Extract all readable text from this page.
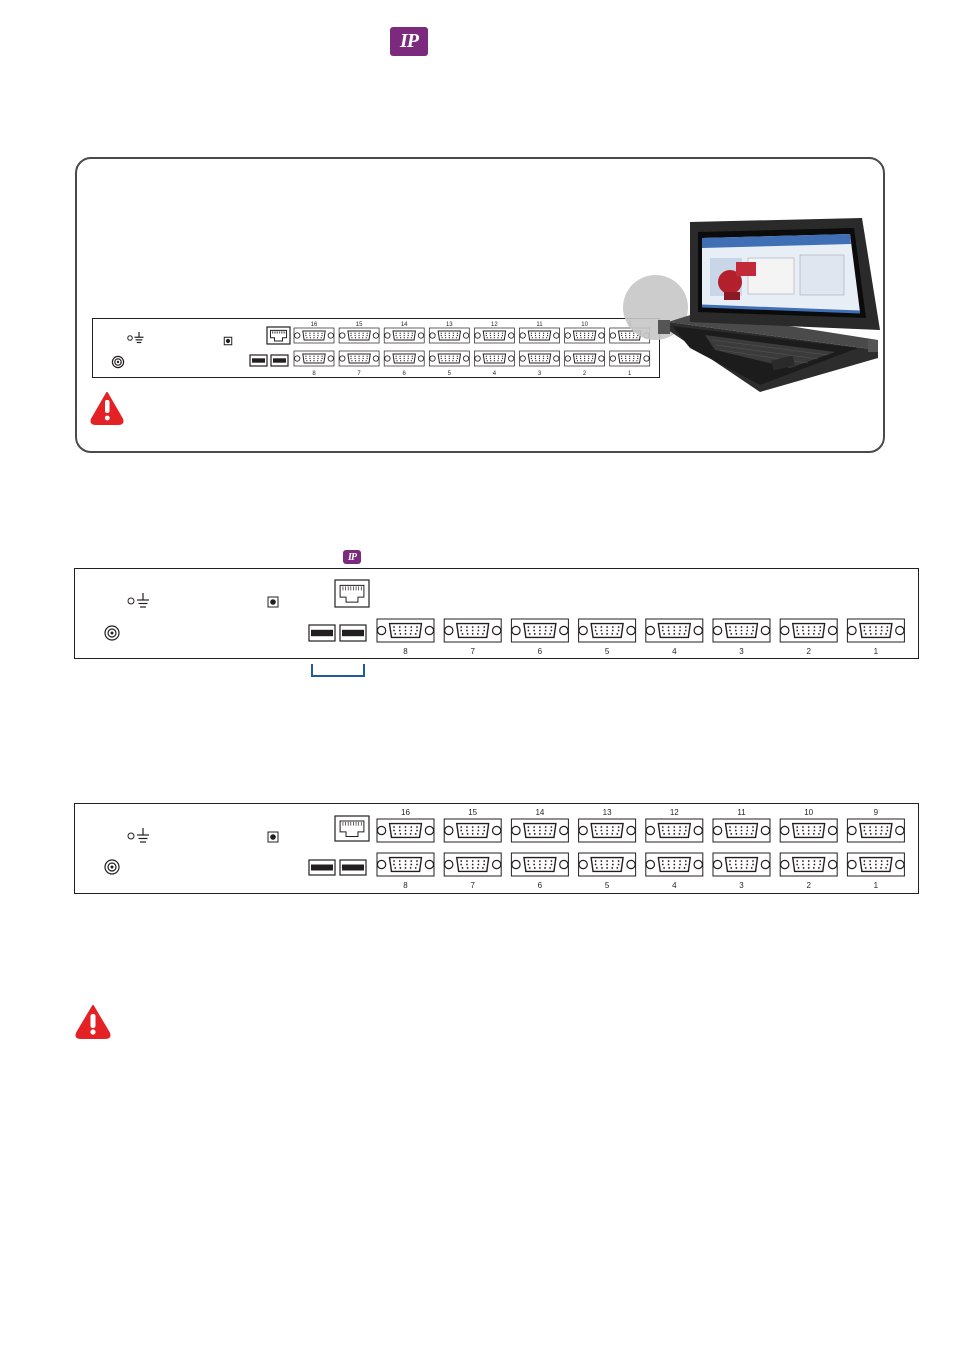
IP
16	15	14	13	12	11	10
8	7	6	5	4	3	2	1
IP
8	7	6	5	4	3	2	1
16	15	14	13	12	11	10	9
8	7	6	5	4	3	2	1
